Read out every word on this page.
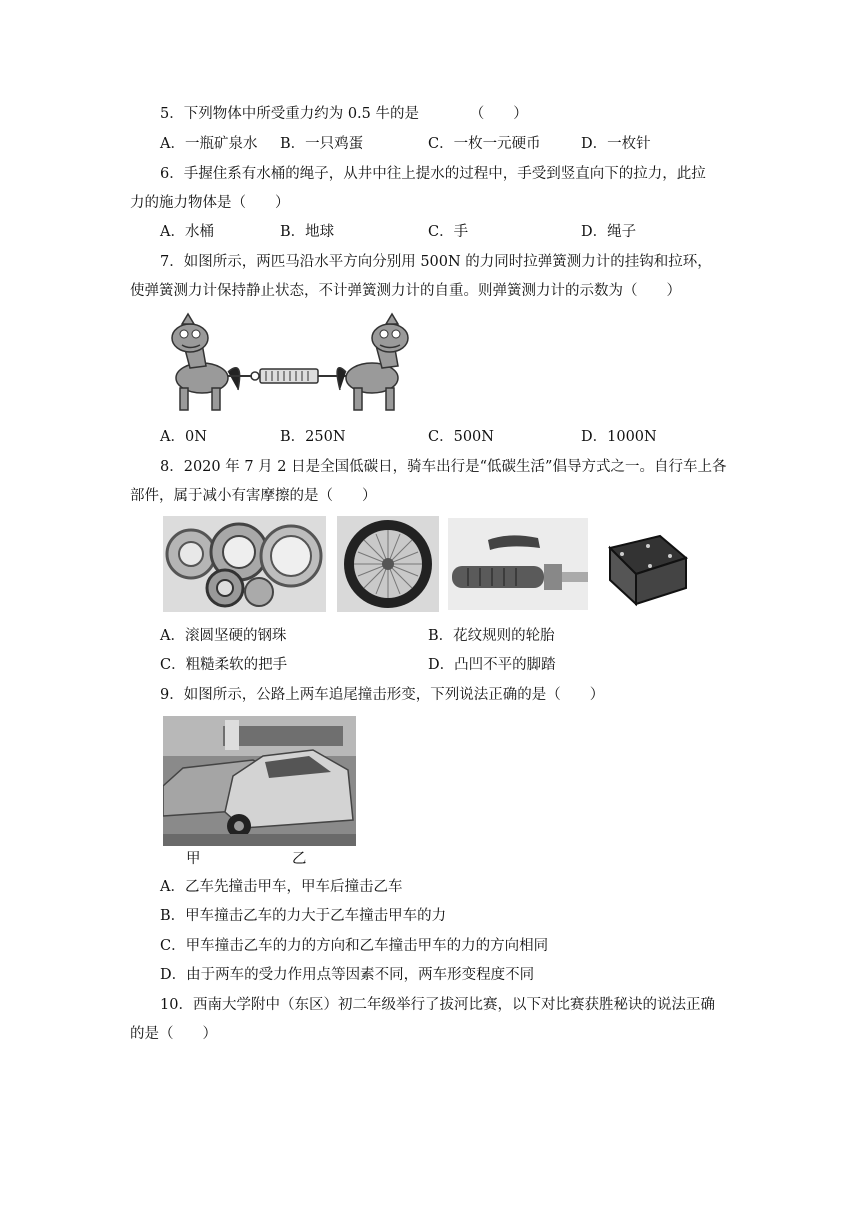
5．下列物体中所受重力约为 0.5 牛的是　　　　（　　）
A．一瓶矿泉水 B．一只鸡蛋	C．一枚一元硬币	D．一枚针
6．手握住系有水桶的绳子，从井中往上提水的过程中，手受到竖直向下的拉力，此拉
力的施力物体是（　　）
A．水桶	B．地球	C．手	D．绳子
7．如图所示，两匹马沿水平方向分别用 500N 的力同时拉弹簧测力计的挂钩和拉环，
使弹簧测力计保持静止状态，不计弹簧测力计的自重。则弹簧测力计的示数为（　　）
A．0N	B．250N	C．500N	D．1000N
8．2020 年 7 月 2 日是全国低碳日，骑车出行是“低碳生活”倡导方式之一。自行车上各
部件，属于减小有害摩擦的是（　　）
A．滚圆坚硬的钢珠	B．花纹规则的轮胎
C．粗糙柔软的把手	D．凸凹不平的脚踏
9．如图所示，公路上两车追尾撞击形变，下列说法正确的是（　　）
甲	乙
A．乙车先撞击甲车，甲车后撞击乙车
B．甲车撞击乙车的力大于乙车撞击甲车的力
C．甲车撞击乙车的力的方向和乙车撞击甲车的力的方向相同
D．由于两车的受力作用点等因素不同，两车形变程度不同
10．西南大学附中（东区）初二年级举行了拔河比赛，以下对比赛获胜秘诀的说法正确
的是（　　）
